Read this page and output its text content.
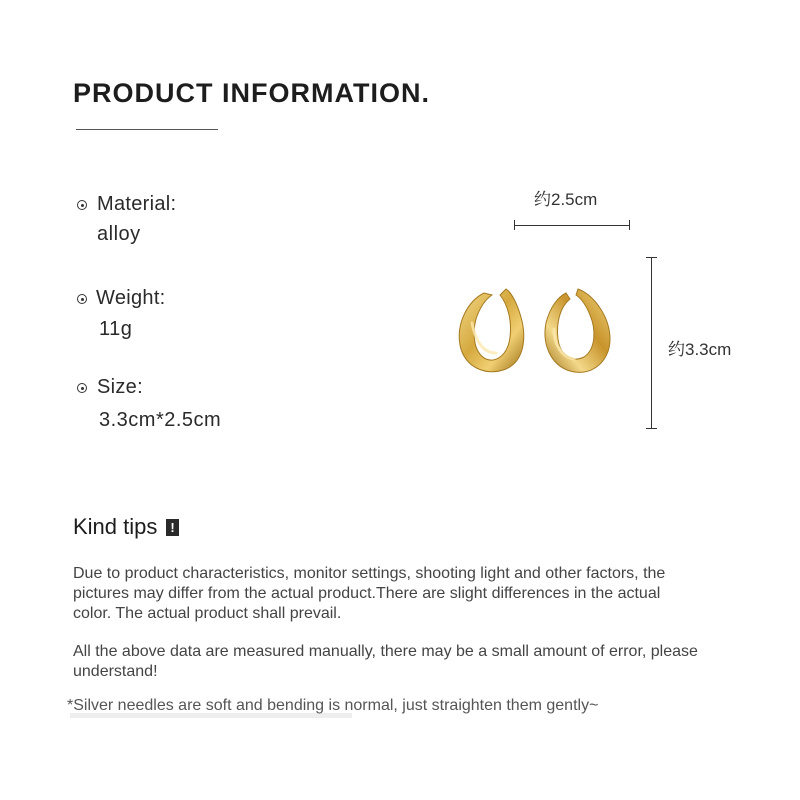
PRODUCT INFORMATION.
Material:
alloy
Weight:
11g
Size:
3.3cm*2.5cm
约2.5cm
约3.3cm
Kind tips !
Due to product characteristics, monitor settings, shooting light and other factors, the
pictures may differ from the actual product.There are slight differences in the actual
color. The actual product shall prevail.
All the above data are measured manually, there may be a small amount of error, please
understand!
*Silver needles are soft and bending is normal, just straighten them gently~
